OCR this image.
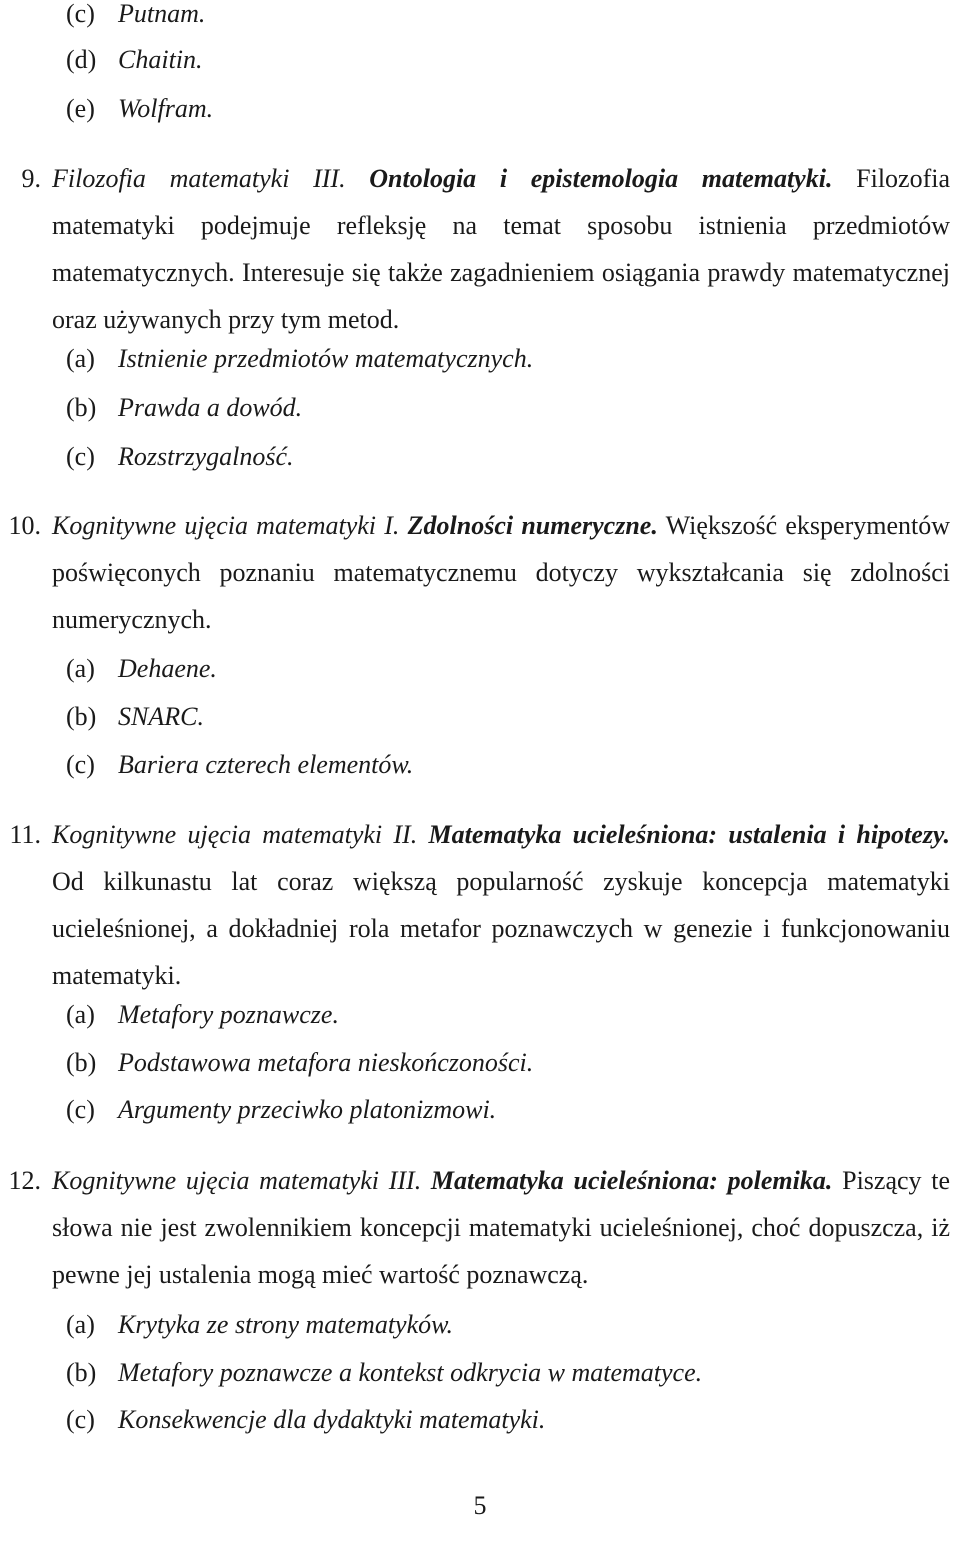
(c) Putnam.
(d) Chaitin.
(e) Wolfram.
9. Filozofia matematyki III. Ontologia i epistemologia matematyki. Filozofia matematyki podejmuje refleksję na temat sposobu istnienia przedmiotów matematycznych. Interesuje się także zagadnieniem osiągania prawdy matematycznej oraz używanych przy tym metod.
(a) Istnienie przedmiotów matematycznych.
(b) Prawda a dowód.
(c) Rozstrzygalność.
10. Kognitywne ujęcia matematyki I. Zdolności numeryczne. Większość eksperymentów poświęconych poznaniu matematycznemu dotyczy wykształcania się zdolności numerycznych.
(a) Dehaene.
(b) SNARC.
(c) Bariera czterech elementów.
11. Kognitywne ujęcia matematyki II. Matematyka ucieleśniona: ustalenia i hipotezy. Od kilkunastu lat coraz większą popularność zyskuje koncepcja matematyki ucieleśnionej, a dokładniej rola metafor poznawczych w genezie i funkcjonowaniu matematyki.
(a) Metafory poznawcze.
(b) Podstawowa metafora nieskończoności.
(c) Argumenty przeciwko platonizmowi.
12. Kognitywne ujęcia matematyki III. Matematyka ucieleśniona: polemika. Piszący te słowa nie jest zwolennikiem koncepcji matematyki ucieleśnionej, choć dopuszcza, iż pewne jej ustalenia mogą mieć wartość poznawczą.
(a) Krytyka ze strony matematyków.
(b) Metafory poznawcze a kontekst odkrycia w matematyce.
(c) Konsekwencje dla dydaktyki matematyki.
5
